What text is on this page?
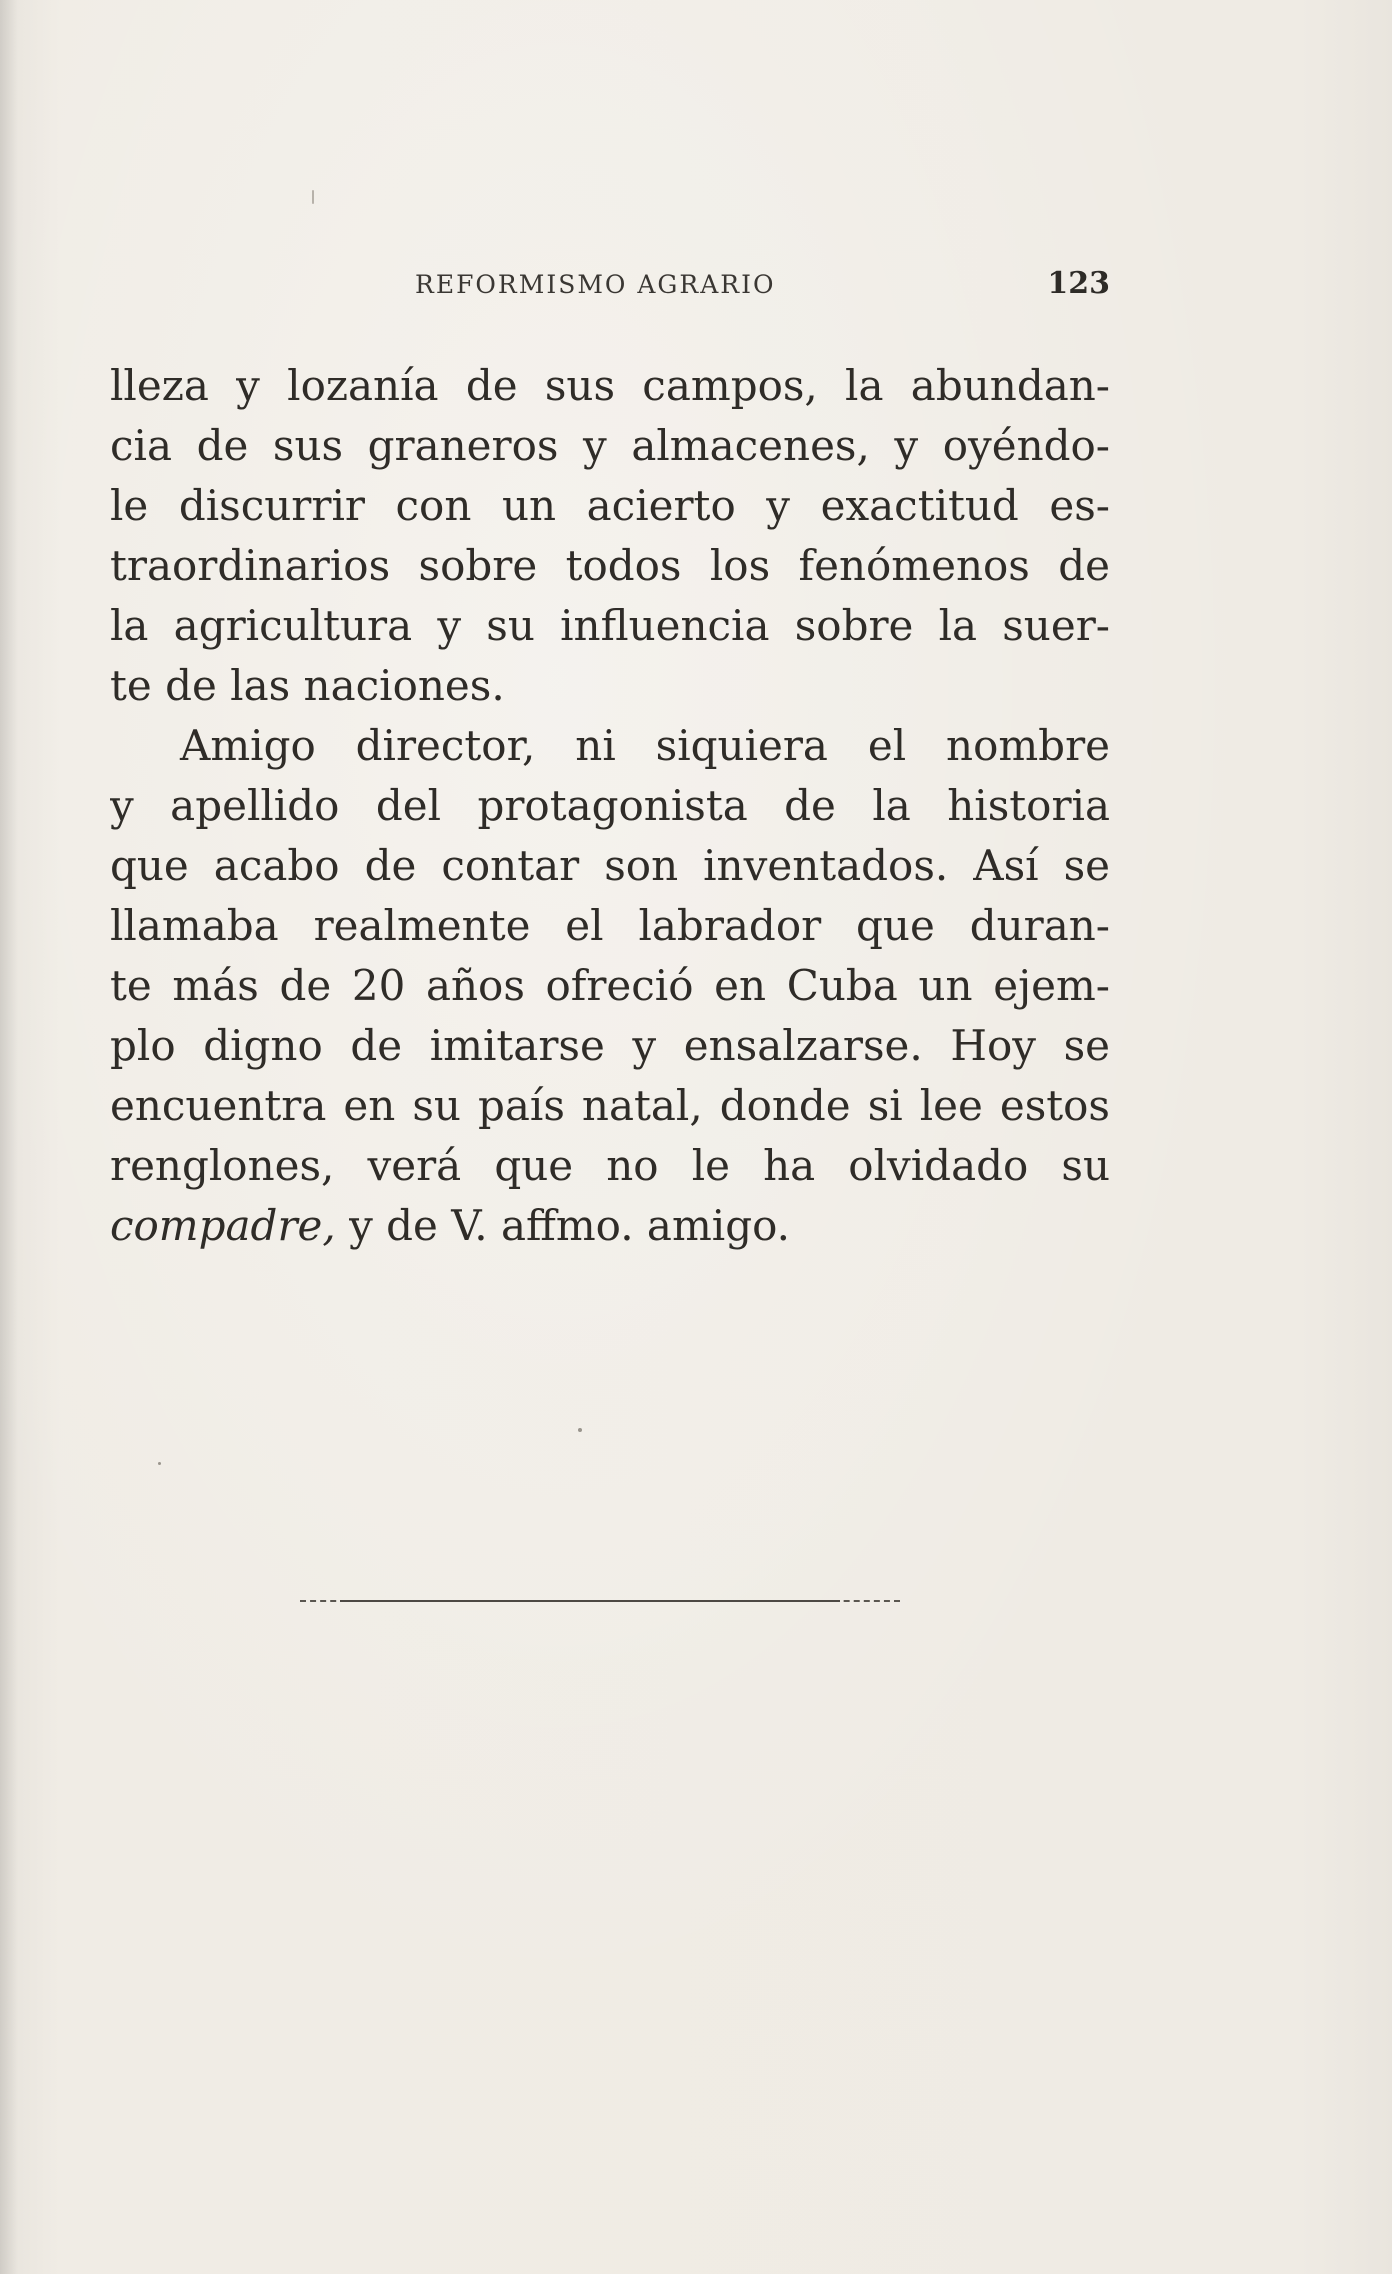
REFORMISMO AGRARIO	123
lleza y lozanía de sus campos, la abundan-
cia de sus graneros y almacenes, y oyéndo-
le discurrir con un acierto y exactitud es-
traordinarios sobre todos los fenómenos de
la agricultura y su influencia sobre la suer-
te de las naciones.
Amigo director, ni siquiera el nombre
y apellido del protagonista de la historia
que acabo de contar son inventados. Así se
llamaba realmente el labrador que duran-
te más de 20 años ofreció en Cuba un ejem-
plo digno de imitarse y ensalzarse. Hoy se
encuentra en su país natal, donde si lee estos
renglones, verá que no le ha olvidado su
compadre, y de V. affmo. amigo.
